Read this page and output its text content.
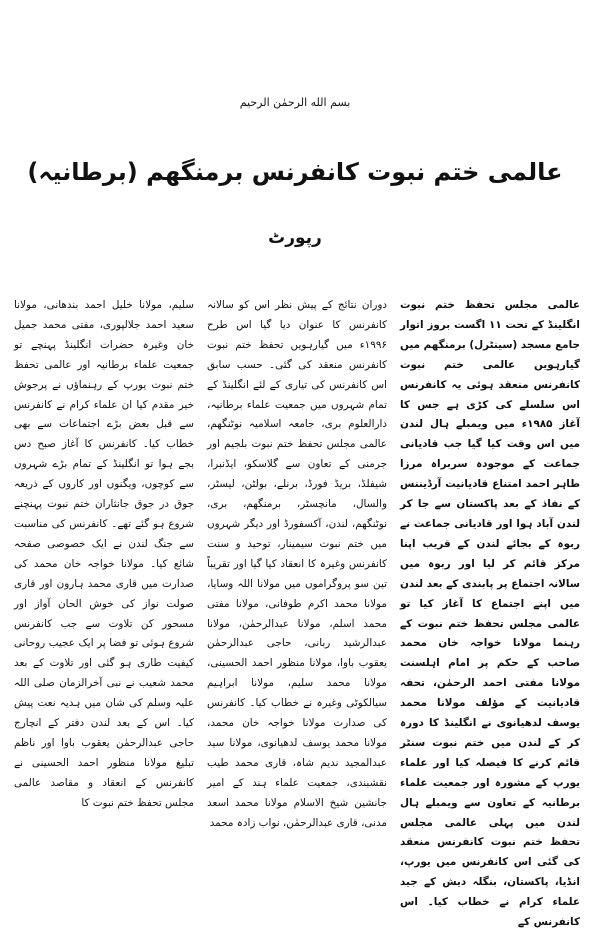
بسم الله الرحمٰن الرحیم
عالمی ختم نبوت کانفرنس برمنگھم (برطانیہ)
رپورٹ
عالمی مجلس تحفظ ختم نبوت انگلینڈ کے تحت ۱۱ اگست بروز اتوار جامع مسجد (سینٹرل) برمنگھم میں گیارہویں عالمی ختم نبوت کانفرنس منعقد ہوئی یہ کانفرنس اس سلسلے کی کڑی ہے جس کا آغاز ۱۹۸۵ء میں ویمبلے ہال لندن میں اس وقت کیا گیا جب قادیانی جماعت کے موجودہ سربراہ مرزا طاہر احمد امتناع قادیانیت آرڈیننس کے نفاذ کے بعد پاکستان سے جا کر لندن آباد ہوا اور قادیانی جماعت نے ربوہ کے بجائے لندن کے قریب اپنا مرکز قائم کر لیا اور ربوہ میں سالانہ اجتماع پر پابندی کے بعد لندن میں اپنے اجتماع کا آغاز کیا تو عالمی مجلس تحفظ ختم نبوت کے رہنما مولانا خواجہ خان محمد صاحب کے حکم پر امام اہلسنت مولانا مفتی احمد الرحمٰن، تحفہ قادیانیت کے مؤلف مولانا محمد یوسف لدھیانوی نے انگلینڈ کا دورہ کر کے لندن میں ختم نبوت سنٹر قائم کرنے کا فیصلہ کیا اور علماء یورپ کے مشورہ اور جمعیت علماء برطانیہ کے تعاون سے ویمبلے ہال لندن میں پہلی عالمی مجلس تحفظ ختم نبوت کانفرنس منعقد کی گئی اس کانفرنس میں یورپ، انڈیا، پاکستان، بنگلہ دیش کے جید علماء کرام نے خطاب کیا۔ اس کانفرنس کے
دوران نتائج کے پیش نظر اس کو سالانہ کانفرنس کا عنوان دیا گیا اس طرح ۱۹۹۶ء میں گیارہویں تحفظ ختم نبوت کانفرنس منعقد کی گئی۔ حسب سابق اس کانفرنس کی تیاری کے لئے انگلینڈ کے تمام شہروں میں جمعیت علماء برطانیہ، دارالعلوم بری، جامعہ اسلامیہ نوٹنگھم، عالمی مجلس تحفظ ختم نبوت بلجیم اور جرمنی کے تعاون سے گلاسکو، ایڈنبرا، شیفلڈ، بریڈ فورڈ، برنلے، بولٹن، لیسٹر، والسال، مانچسٹر، برمنگھم، بری، نوٹنگھم، لندن، آکسفورڈ اور دیگر شہروں میں ختم نبوت سیمینار، توحید و سنت کانفرنس وغیرہ کا انعقاد کیا گیا اور تقریباً تین سو پروگراموں میں مولانا اللہ وسایا، مولانا محمد اکرم طوفانی، مولانا مفتی محمد اسلم، مولانا عبدالرحمٰن، مولانا عبدالرشید ربانی، حاجی عبدالرحمٰن یعقوب باوا، مولانا منظور احمد الحسینی، مولانا محمد سلیم، مولانا ابراہیم سیالکوٹی وغیرہ نے خطاب کیا۔ کانفرنس کی صدارت مولانا خواجہ خان محمد، مولانا محمد یوسف لدھیانوی، مولانا سید عبدالمجید ندیم شاہ، قاری محمد طیب نقشبندی، جمعیت علماء ہند کے امیر جانشین شیخ الاسلام مولانا محمد اسعد مدنی، قاری عبدالرحمٰن، نواب زادہ محمد
سلیم، مولانا خلیل احمد بندھانی، مولانا سعید احمد جلالپوری، مفتی محمد جمیل خان وغیرہ حضرات انگلینڈ پہنچے تو جمعیت علماء برطانیہ اور عالمی تحفظ ختم نبوت یورپ کے رہنماؤں نے پرجوش خیر مقدم کیا ان علماء کرام نے کانفرنس سے قبل بعض بڑے اجتماعات سے بھی خطاب کیا۔ کانفرنس کا آغاز صبح دس بجے ہوا تو انگلینڈ کے تمام بڑے شہروں سے کوچوں، ویگنوں اور کاروں کے ذریعہ جوق در جوق جانثاران ختم نبوت پہنچنے شروع ہو گئے تھے۔ کانفرنس کی مناسبت سے جنگ لندن نے ایک خصوصی صفحہ شائع کیا۔ مولانا خواجہ خان محمد کی صدارت میں قاری محمد ہارون اور قاری صولت نواز کی خوش الحان آواز اور مسحور کن تلاوت سے جب کانفرنس شروع ہوئی تو فضا پر ایک عجیب روحانی کیفیت طاری ہو گئی اور تلاوت کے بعد محمد شعیب نے نبی آخرالزمان صلی اللہ علیہ وسلم کی شان میں ہدیہ نعت پیش کیا۔ اس کے بعد لندن دفتر کے انچارج حاجی عبدالرحمٰن یعقوب باوا اور ناظم تبلیغ مولانا منظور احمد الحسینی نے کانفرنس کے انعقاد و مقاصد عالمی مجلس تحفظ ختم نبوت کا
